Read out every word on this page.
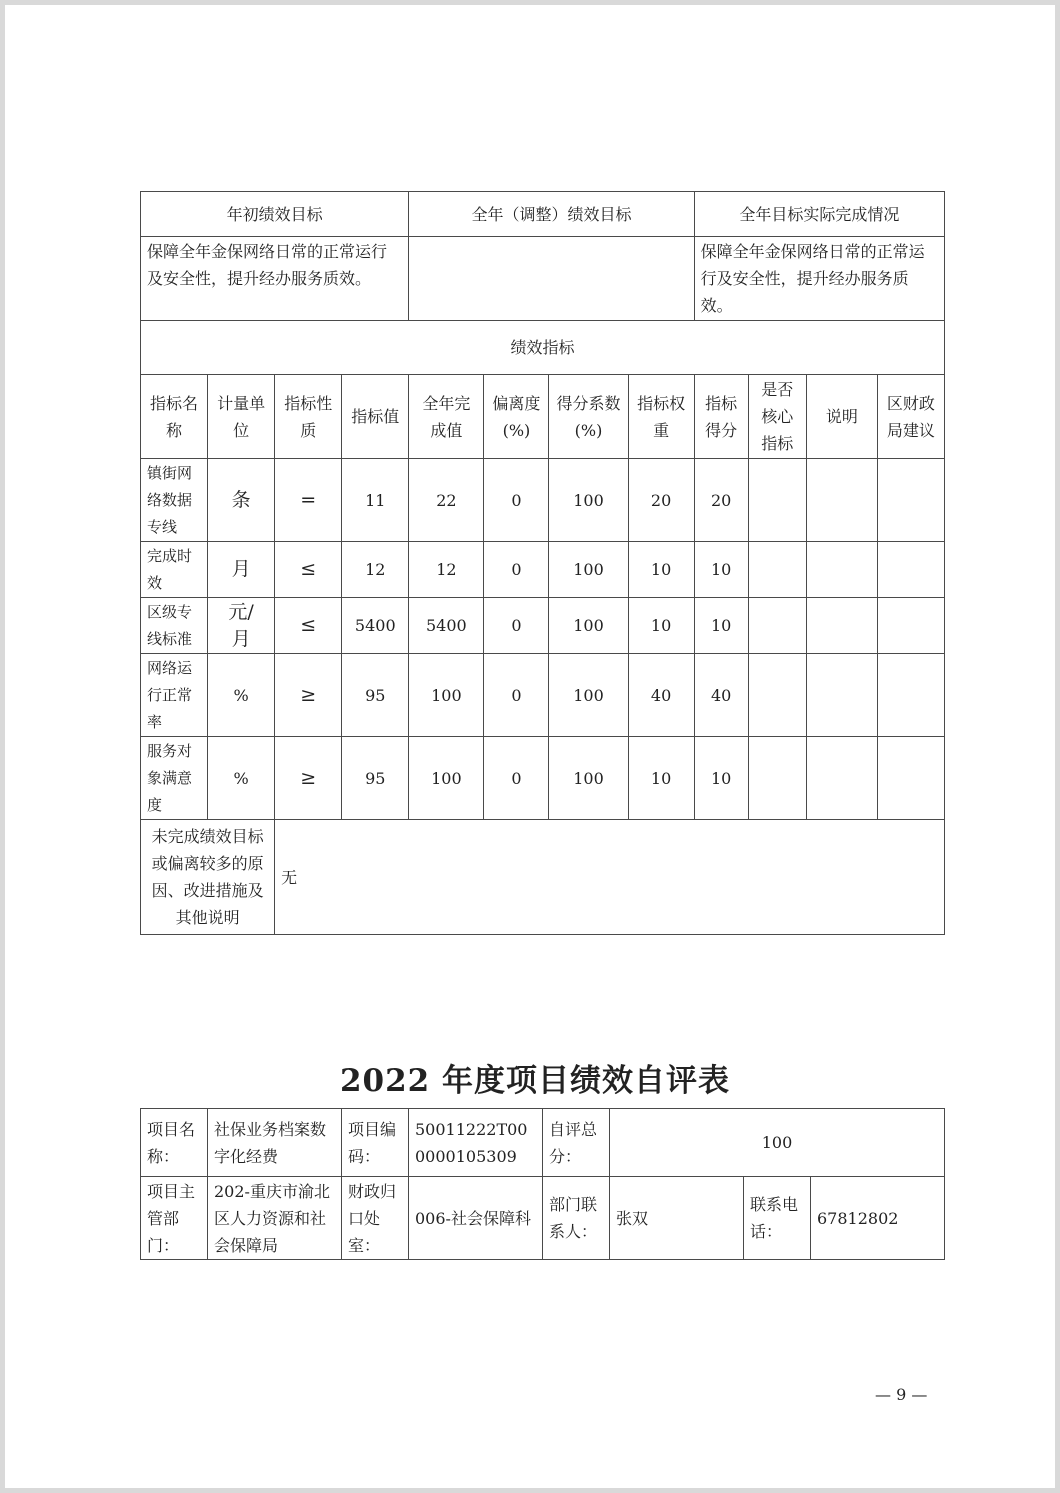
年初绩效目标				全年（调整）绩效目标				全年目标实际完成情况			
保障全年金保网络日常的正常运行及安全性，提升经办服务质效。								保障全年金保网络日常的正常运行及安全性，提升经办服务质效。			
绩效指标											
指标名称	计量单位	指标性质	指标值	全年完成值	偏离度(%)	得分系数(%)	指标权重	指标得分	是否核心指标	说明	区财政局建议
镇街网络数据专线	条	=	11	22	0	100	20	20			
完成时效	月	≤	12	12	0	100	10	10			
区级专线标准	元/月	≤	5400	5400	0	100	10	10			
网络运行正常率	%	≥	95	100	0	100	40	40			
服务对象满意度	%	≥	95	100	0	100	10	10			
未完成绩效目标或偏离较多的原因、改进措施及其他说明		无									
2022 年度项目绩效自评表
项目名称：	社保业务档案数字化经费	项目编码：	50011222T000000105309	自评总分：	100		
项目主管部门：	202-重庆市渝北区人力资源和社会保障局	财政归口处室：	006-社会保障科	部门联系人：	张双	联系电话：	67812802
— 9 —
